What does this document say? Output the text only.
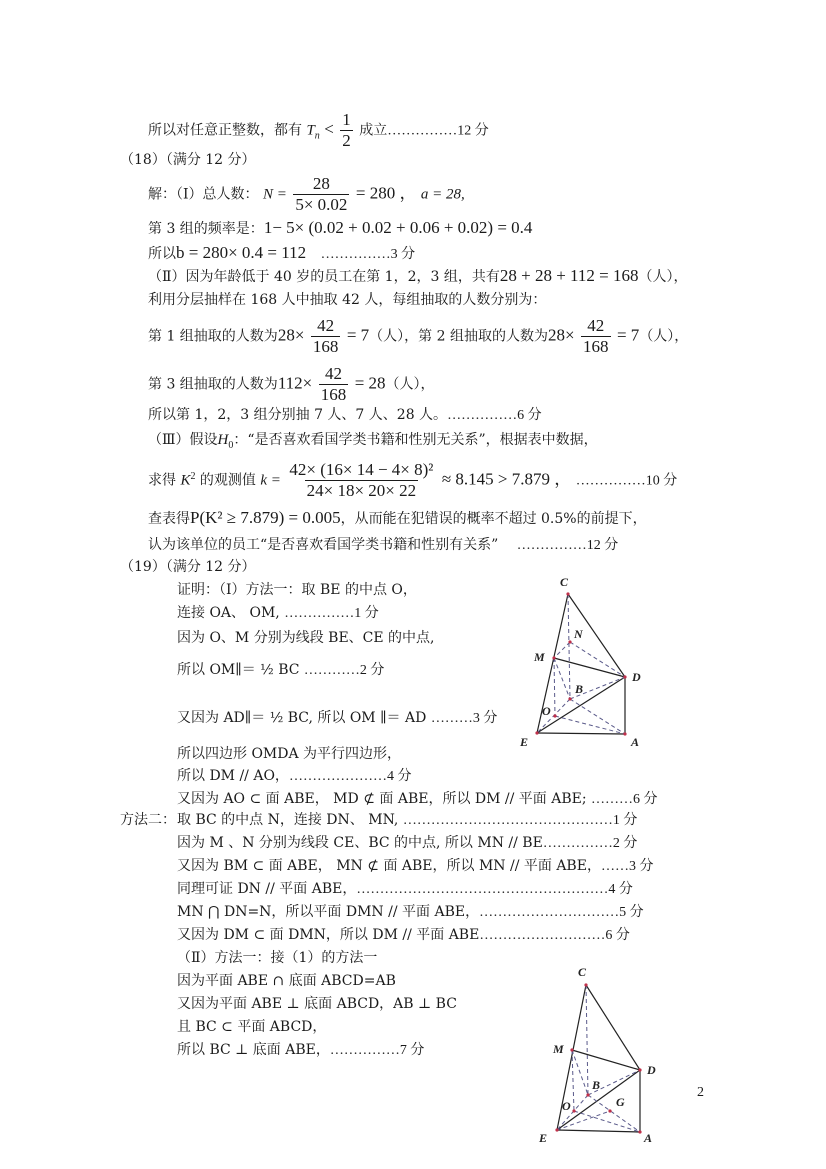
所以对任意正整数，都有 $T_n < \frac{1}{2}$ 成立……………12 分
（18）（满分 12 分）
解：（Ⅰ）总人数： $N = \frac{28}{5\times 0.02} = 280$ ， a = 28,
第 3 组的频率是：1− 5× (0.02 + 0.02 + 0.06 + 0.02) = 0.4
所以b = 280× 0.4 = 112 ……………3 分
（Ⅱ）因为年龄低于 40 岁的员工在第 1，2，3 组，共有28 + 28 + 112 = 168（人），
利用分层抽样在 168 人中抽取 42 人，每组抽取的人数分别为：
第 1 组抽取的人数为$28\times \frac{42}{168} = 7$（人），第 2 组抽取的人数为$28\times \frac{42}{168} = 7$（人），
第 3 组抽取的人数为$112\times \frac{42}{168} = 28$（人），
所以第 1，2，3 组分别抽 7 人、7 人、28 人。……………6 分
（Ⅲ）假设$H_0$：“是否喜欢看国学类书籍和性别无关系”，根据表中数据，
求得 $K^2$ 的观测值 $k = \frac{\text{42× (16× 14 − 4× 8)²}}{24\times 18\times 20\times 22} \approx 8.145 > 7.879$ ， ……………10 分
查表得P(K² ≥ 7.879) = 0.005，从而能在犯错误的概率不超过 0.5%的前提下，
认为该单位的员工“是否喜欢看国学类书籍和性别有关系” ……………12 分
（19）（满分 12 分）
证明：（Ⅰ）方法一：取 BE 的中点 O，
连接 OA、 OM, ……………1 分
因为 O、M 分别为线段 BE、CE 的中点,
所以 OM∥＝ ½ BC …………2 分
又因为 AD∥＝ ½ BC, 所以 OM ∥＝ AD ………3 分
所以四边形 OMDA 为平行四边形，
所以 DM // AO，…………………4 分
又因为 AO ⊂ 面 ABE， MD ⊄ 面 ABE，所以 DM // 平面 ABE; ………6 分
取 BC 的中点 N，连接 DN、 MN, ………………………………………1 分
因为 M 、N 分别为线段 CE、BC 的中点, 所以 MN // BE……………2 分
又因为 BM ⊂ 面 ABE， MN ⊄ 面 ABE，所以 MN // 平面 ABE，……3 分
同理可证 DN // 平面 ABE，………………………………………………4 分
MN ⋂ DN=N，所以平面 DMN // 平面 ABE，…………………………5 分
又因为 DM ⊂ 面 DMN，所以 DM // 平面 ABE………………………6 分
方法二：
（Ⅱ）方法一：接（1）的方法一
因为平面 ABE ∩ 底面 ABCD=AB
又因为平面 ABE ⊥ 底面 ABCD，AB ⊥ BC
且 BC ⊂ 平面 ABCD，
所以 BC ⊥ 底面 ABE，……………7 分
C
N
M
D
B
O
E	A
C
M
D
B
O	G
E	A
2
